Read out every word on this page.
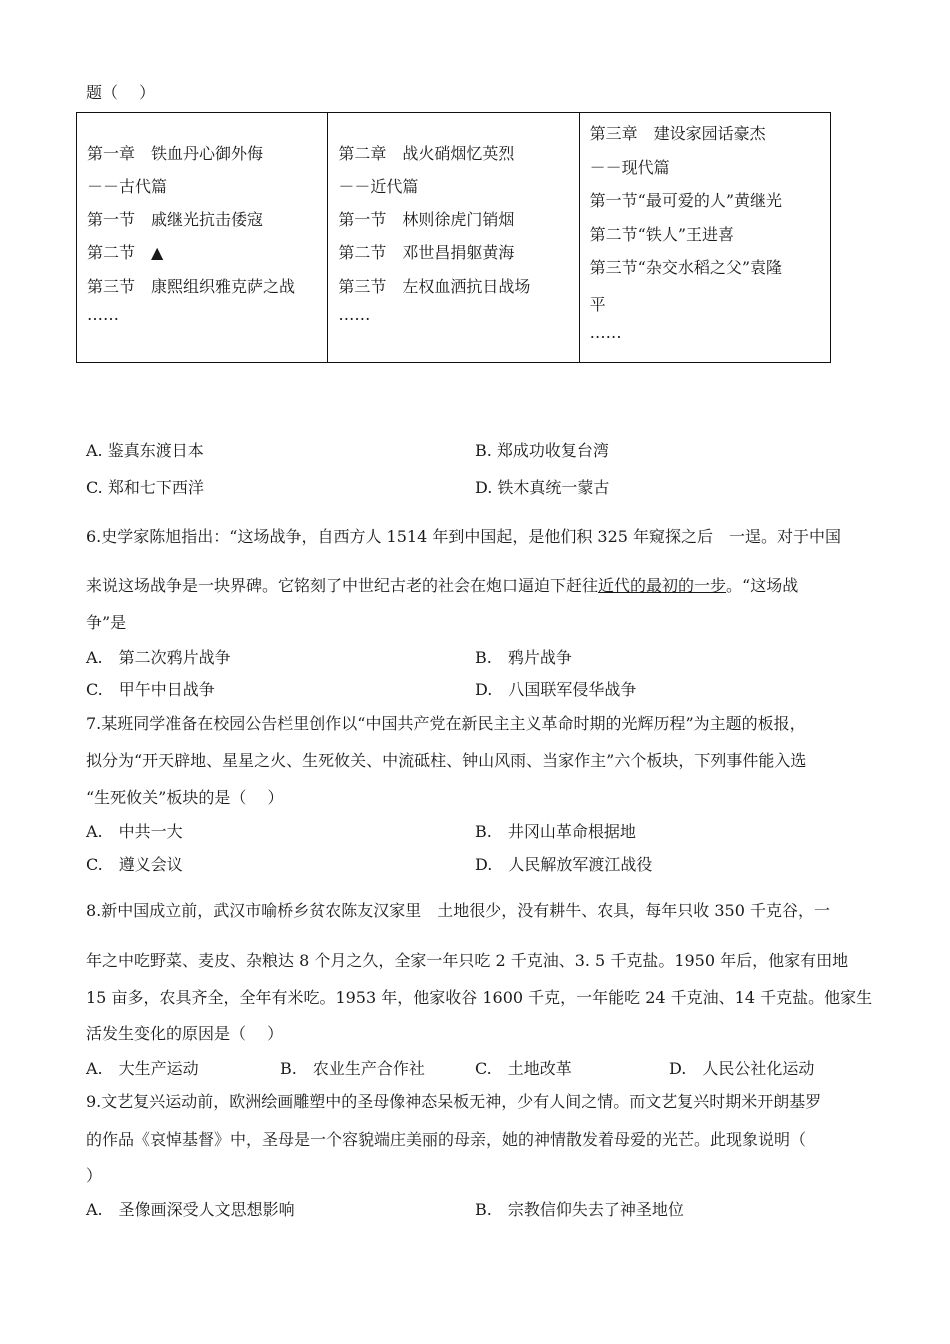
题（　 ）
第一章　铁血丹心御外侮
－－古代篇
第一节　戚继光抗击倭寇
第二节　▲
第三节　康熙组织雅克萨之战
……
第二章　战火硝烟忆英烈
－－近代篇
第一节　林则徐虎门销烟
第二节　邓世昌捐躯黄海
第三节　左权血洒抗日战场
……
第三章　建设家园话豪杰
－－现代篇
第一节“最可爱的人”黄继光
第二节“铁人”王进喜
第三节“杂交水稻之父”袁隆
平
……
A. 鉴真东渡日本	B. 郑成功收复台湾
C. 郑和七下西洋	D. 铁木真统一蒙古
6.史学家陈旭指出：“这场战争，自西方人 1514 年到中国起，是他们积 325 年窥探之后　一逞。对于中国
来说这场战争是一块界碑。它铭刻了中世纪古老的社会在炮口逼迫下赶往近代的最初的一步。“这场战
争”是
A.　第二次鸦片战争	B.　鸦片战争
C.　甲午中日战争	D.　八国联军侵华战争
7.某班同学准备在校园公告栏里创作以“中国共产党在新民主主义革命时期的光辉历程”为主题的板报，
拟分为“开天辟地、星星之火、生死攸关、中流砥柱、钟山风雨、当家作主”六个板块，下列事件能入选
“生死攸关”板块的是（　 ）
A.　中共一大	B.　井冈山革命根据地
C.　遵义会议	D.　人民解放军渡江战役
8.新中国成立前，武汉市喻桥乡贫农陈友汉家里　土地很少，没有耕牛、农具，每年只收 350 千克谷，一
年之中吃野菜、麦皮、杂粮达 8 个月之久，全家一年只吃 2 千克油、3. 5 千克盐。1950 年后，他家有田地
15 亩多，农具齐全，全年有米吃。1953 年，他家收谷 1600 千克，一年能吃 24 千克油、14 千克盐。他家生
活发生变化的原因是（　 ）
A.　大生产运动	B.　农业生产合作社	C.　土地改革	D.　人民公社化运动
9.文艺复兴运动前，欧洲绘画雕塑中的圣母像神态呆板无神，少有人间之情。而文艺复兴时期米开朗基罗
的作品《哀悼基督》中，圣母是一个容貌端庄美丽的母亲，她的神情散发着母爱的光芒。此现象说明（
）
A.　圣像画深受人文思想影响	B.　宗教信仰失去了神圣地位
